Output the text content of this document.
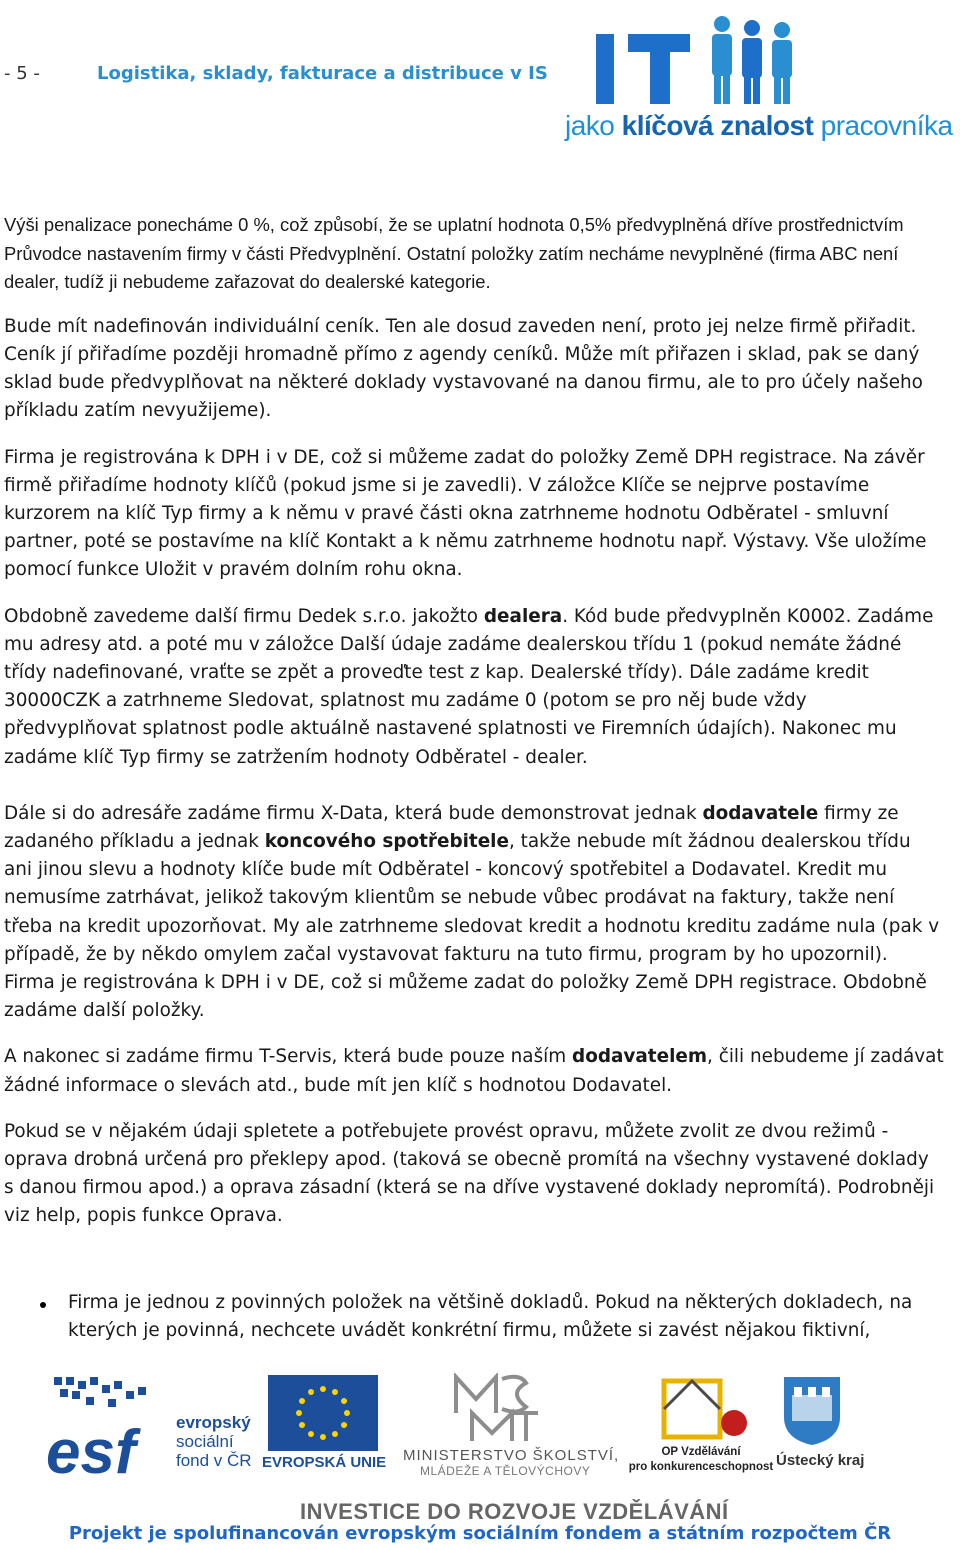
- 5 -	Logistika, sklady, fakturace a distribuce v IS
jako klíčová znalost pracovníka

Výši penalizace ponecháme 0 %, což způsobí, že se uplatní hodnota 0,5% předvyplněná dříve prostřednictvím Průvodce nastavením firmy v části Předvyplnění. Ostatní položky zatím necháme nevyplněné (firma ABC není dealer, tudíž ji nebudeme zařazovat do dealerské kategorie.

Bude mít nadefinován individuální ceník. Ten ale dosud zaveden není, proto jej nelze firmě přiřadit. Ceník jí přiřadíme později hromadně přímo z agendy ceníků. Může mít přiřazen i sklad, pak se daný sklad bude předvyplňovat na některé doklady vystavované na danou firmu, ale to pro účely našeho příkladu zatím nevyužijeme).

Firma je registrována k DPH i v DE, což si můžeme zadat do položky Země DPH registrace. Na závěr firmě přiřadíme hodnoty klíčů (pokud jsme si je zavedli). V záložce Klíče se nejprve postavíme kurzorem na klíč Typ firmy a k němu v pravé části okna zatrhneme hodnotu Odběratel - smluvní partner, poté se postavíme na klíč Kontakt a k němu zatrhneme hodnotu např. Výstavy. Vše uložíme pomocí funkce Uložit v pravém dolním rohu okna.

Obdobně zavedeme další firmu Dedek s.r.o. jakožto dealera. Kód bude předvyplněn K0002. Zadáme mu adresy atd. a poté mu v záložce Další údaje zadáme dealerskou třídu 1 (pokud nemáte žádné třídy nadefinované, vraťte se zpět a proveďte test z kap. Dealerské třídy). Dále zadáme kredit 30000CZK a zatrhneme Sledovat, splatnost mu zadáme 0 (potom se pro něj bude vždy předvyplňovat splatnost podle aktuálně nastavené splatnosti ve Firemních údajích). Nakonec mu zadáme klíč Typ firmy se zatržením hodnoty Odběratel - dealer.

Dále si do adresáře zadáme firmu X-Data, která bude demonstrovat jednak dodavatele firmy ze zadaného příkladu a jednak koncového spotřebitele, takže nebude mít žádnou dealerskou třídu ani jinou slevu a hodnoty klíče bude mít Odběratel - koncový spotřebitel a Dodavatel. Kredit mu nemusíme zatrhávat, jelikož takovým klientům se nebude vůbec prodávat na faktury, takže není třeba na kredit upozorňovat. My ale zatrhneme sledovat kredit a hodnotu kreditu zadáme nula (pak v případě, že by někdo omylem začal vystavovat fakturu na tuto firmu, program by ho upozornil). Firma je registrována k DPH i v DE, což si můžeme zadat do položky Země DPH registrace. Obdobně zadáme další položky.

A nakonec si zadáme firmu T-Servis, která bude pouze naším dodavatelem, čili nebudeme jí zadávat žádné informace o slevách atd., bude mít jen klíč s hodnotou Dodavatel.

Pokud se v nějakém údaji spletete a potřebujete provést opravu, můžete zvolit ze dvou režimů - oprava drobná určená pro překlepy apod. (taková se obecně promítá na všechny vystavené doklady s danou firmou apod.) a oprava zásadní (která se na dříve vystavené doklady nepromítá). Podrobněji viz help, popis funkce Oprava.

Firma je jednou z povinných položek na většině dokladů. Pokud na některých dokladech, na kterých je povinná, nechcete uvádět konkrétní firmu, můžete si zavést nějakou fiktivní,
esf	evropský
sociální
fond v ČR EVROPSKÁ UNIE MINISTERSTVO ŠKOLSTVÍ,
MLÁDEŽE A TĚLOVÝCHOVY
OP Vzdělávání
pro konkurenceschopnost Ústecký kraj
INVESTICE DO ROZVOJE VZDĚLÁVÁNÍ
Projekt je spolufinancován evropským sociálním fondem a státním rozpočtem ČR
